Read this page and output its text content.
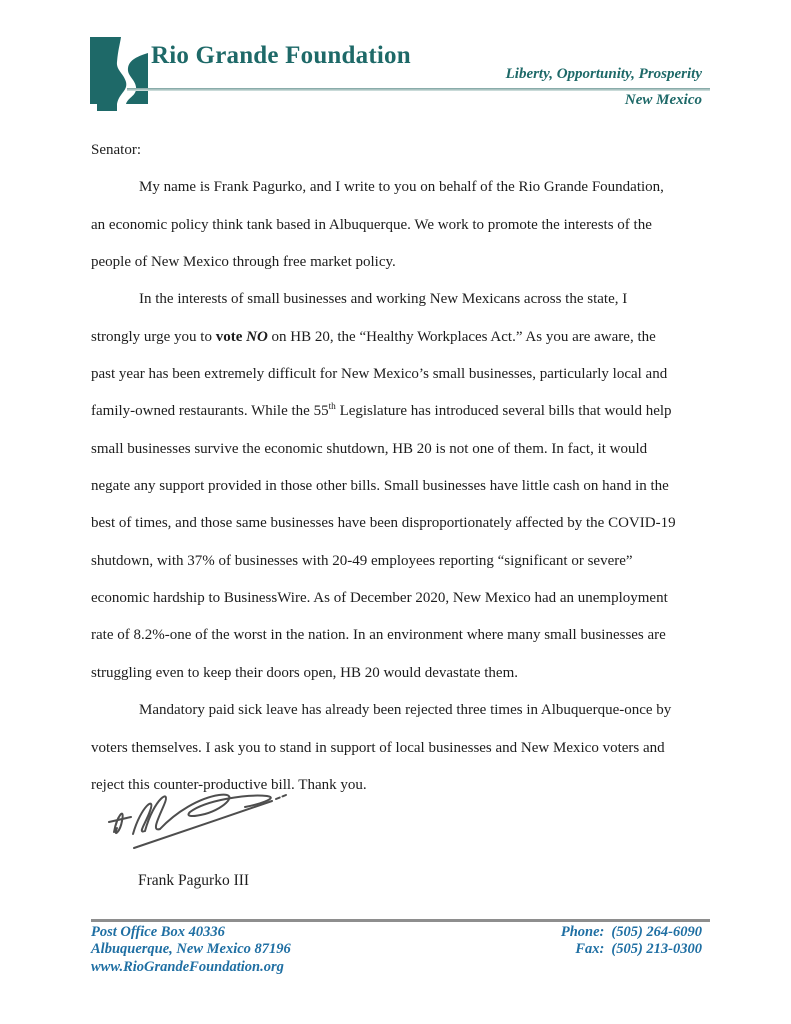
Rio Grande Foundation
Liberty, Opportunity, Prosperity
New Mexico
Senator:
My name is Frank Pagurko, and I write to you on behalf of the Rio Grande Foundation,
an economic policy think tank based in Albuquerque. We work to promote the interests of the
people of New Mexico through free market policy.
In the interests of small businesses and working New Mexicans across the state, I
strongly urge you to vote NO on HB 20, the “Healthy Workplaces Act.” As you are aware, the
past year has been extremely difficult for New Mexico’s small businesses, particularly local and
family-owned restaurants. While the 55th Legislature has introduced several bills that would help
small businesses survive the economic shutdown, HB 20 is not one of them. In fact, it would
negate any support provided in those other bills. Small businesses have little cash on hand in the
best of times, and those same businesses have been disproportionately affected by the COVID-19
shutdown, with 37% of businesses with 20-49 employees reporting “significant or severe”
economic hardship to BusinessWire. As of December 2020, New Mexico had an unemployment
rate of 8.2%-one of the worst in the nation. In an environment where many small businesses are
struggling even to keep their doors open, HB 20 would devastate them.
Mandatory paid sick leave has already been rejected three times in Albuquerque-once by
voters themselves. I ask you to stand in support of local businesses and New Mexico voters and
reject this counter-productive bill. Thank you.
Frank Pagurko III
Post Office Box 40336
Albuquerque, New Mexico 87196
www.RioGrandeFoundation.org
Phone: (505) 264-6090
Fax: (505) 213-0300
